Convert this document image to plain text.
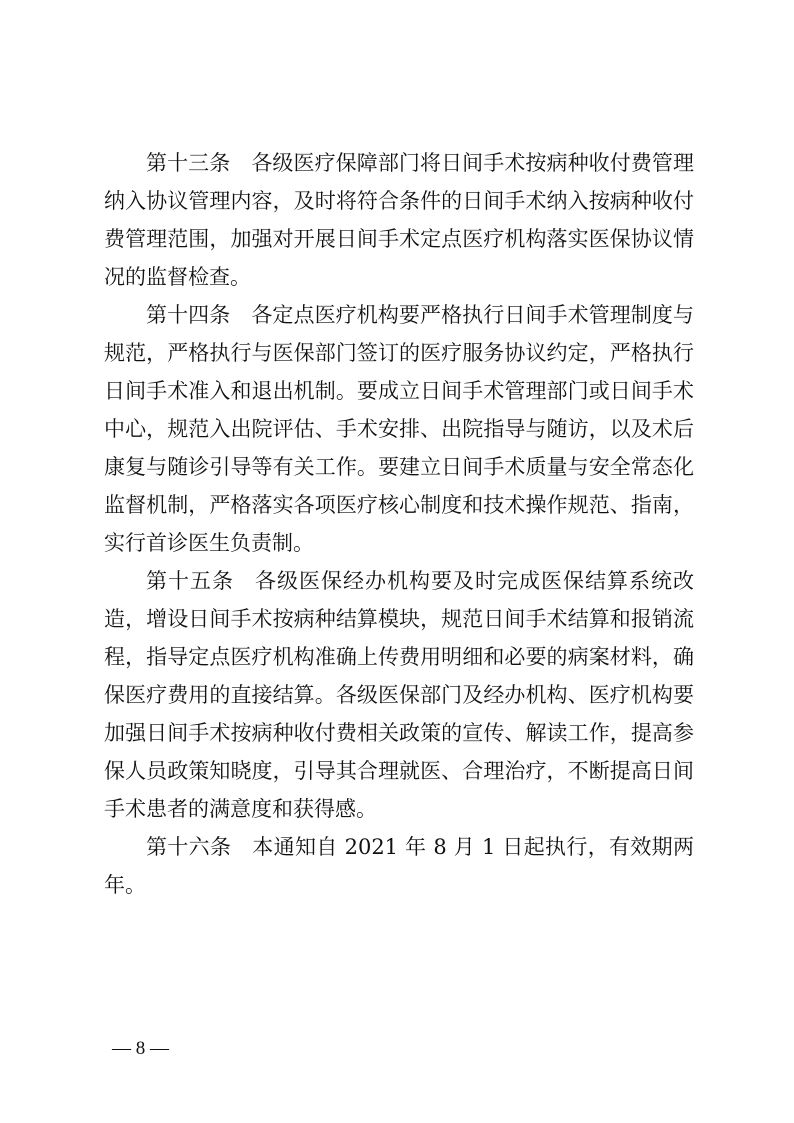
第十三条 各级医疗保障部门将日间手术按病种收付费管理纳入协议管理内容，及时将符合条件的日间手术纳入按病种收付费管理范围，加强对开展日间手术定点医疗机构落实医保协议情况的监督检查。

第十四条 各定点医疗机构要严格执行日间手术管理制度与规范，严格执行与医保部门签订的医疗服务协议约定，严格执行日间手术准入和退出机制。要成立日间手术管理部门或日间手术中心，规范入出院评估、手术安排、出院指导与随访，以及术后康复与随诊引导等有关工作。要建立日间手术质量与安全常态化监督机制，严格落实各项医疗核心制度和技术操作规范、指南，实行首诊医生负责制。

第十五条 各级医保经办机构要及时完成医保结算系统改造，增设日间手术按病种结算模块，规范日间手术结算和报销流程，指导定点医疗机构准确上传费用明细和必要的病案材料，确保医疗费用的直接结算。各级医保部门及经办机构、医疗机构要加强日间手术按病种收付费相关政策的宣传、解读工作，提高参保人员政策知晓度，引导其合理就医、合理治疗，不断提高日间手术患者的满意度和获得感。

第十六条 本通知自 2021 年 8 月 1 日起执行，有效期两年。

— 8 —
